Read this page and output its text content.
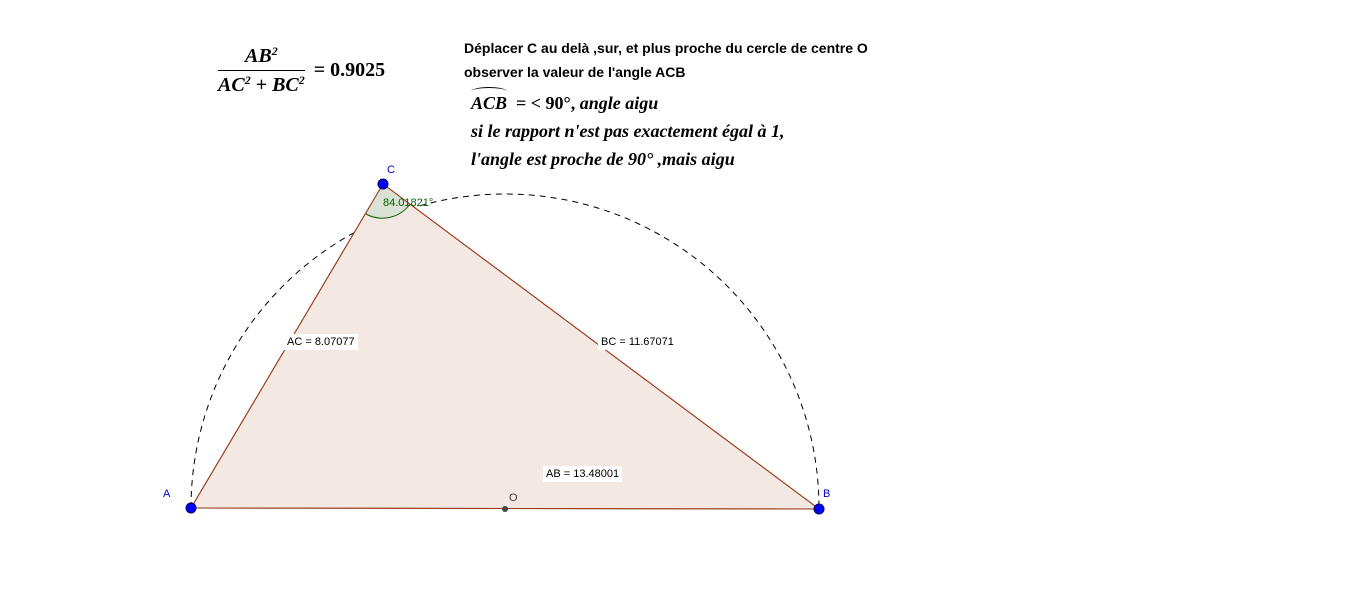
$\frac{AB^2}{AC^2 + BC^2} = 0.9025$
Déplacer C au delà ,sur, et plus proche du cercle de centre O
observer la valeur de l'angle ACB
ACB = < 90°, angle aigu
si le rapport n'est pas exactement égal à 1,
l'angle est proche de 90° ,mais aigu
A	B
C
O
84.01821°
AC = 8.07077	BC = 11.67071
AB = 13.48001
